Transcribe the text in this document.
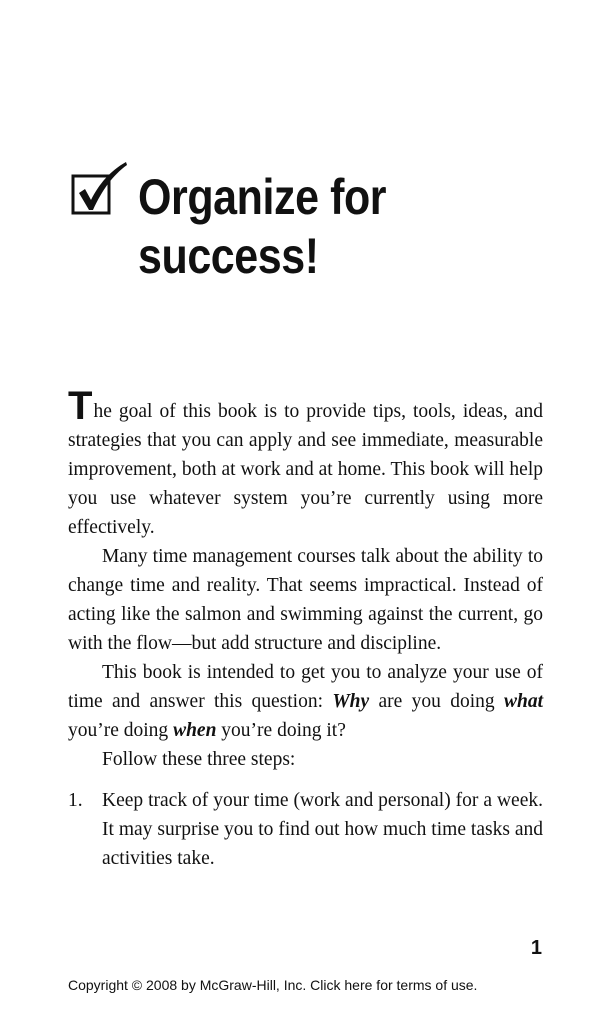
Organize for
success!

The goal of this book is to provide tips, tools, ideas, and strategies that you can apply and see immediate, measurable improvement, both at work and at home. This book will help you use whatever system you’re currently using more effectively.

Many time management courses talk about the ability to change time and reality. That seems impractical. Instead of acting like the salmon and swimming against the current, go with the flow—but add structure and discipline.

This book is intended to get you to analyze your use of time and answer this question: Why are you doing what you’re doing when you’re doing it?

Follow these three steps:

1. Keep track of your time (work and personal) for a week. It may surprise you to find out how much time tasks and activities take.
1
Copyright © 2008 by McGraw-Hill, Inc. Click here for terms of use.
